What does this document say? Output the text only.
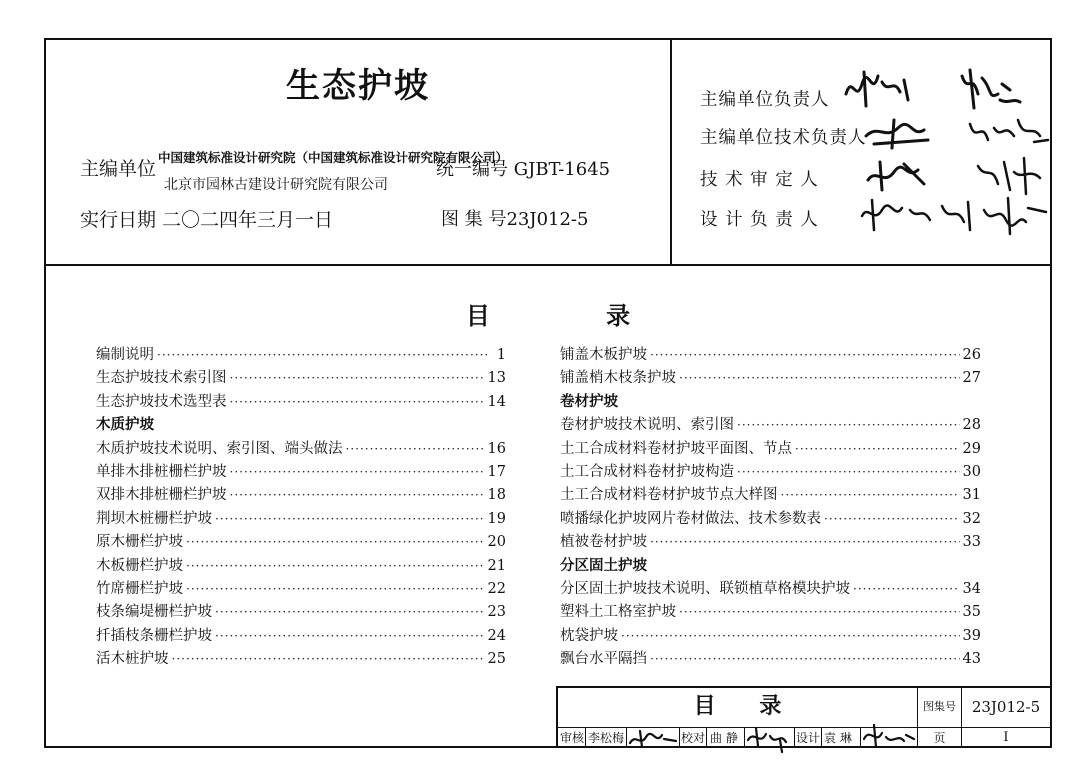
生态护坡
主编单位
中国建筑标准设计研究院（中国建筑标准设计研究院有限公司）
北京市园林古建设计研究院有限公司
统一编号 GJBT-1645
实行日期 二〇二四年三月一日	图 集 号23J012-5
主编单位负责人
主编单位技术负责人
技 术 审 定 人
设 计 负 责 人
目 录
编制说明 ·····	1
生态护坡技术索引图 ·····	13
生态护坡技术选型表 ·····	14
木质护坡
木质护坡技术说明、索引图、端头做法 ·····	16
单排木排桩栅栏护坡 ·····	17
双排木排桩栅栏护坡 ·····	18
荆坝木桩栅栏护坡 ·····	19
原木栅栏护坡 ·····	20
木板栅栏护坡 ·····	21
竹席栅栏护坡 ·····	22
枝条编堤栅栏护坡 ·····	23
扦插枝条栅栏护坡 ·····	24
活木桩护坡 ·····	25
铺盖木板护坡 ·····	26
铺盖梢木枝条护坡 ·····	27
卷材护坡
卷材护坡技术说明、索引图 ·····	28
土工合成材料卷材护坡平面图、节点 ·····	29
土工合成材料卷材护坡构造 ·····	30
土工合成材料卷材护坡节点大样图 ·····	31
喷播绿化护坡网片卷材做法、技术参数表 ·····	32
植被卷材护坡 ·····	33
分区固土护坡
分区固土护坡技术说明、联锁植草格模块护坡 ·····	34
塑料土工格室护坡 ·····	35
枕袋护坡 ·····	39
飘台水平隔挡 ·····	43
目 录	图集号	23J012-5
审核 李松梅	校对 曲 静	设计 袁 琳	页	I
